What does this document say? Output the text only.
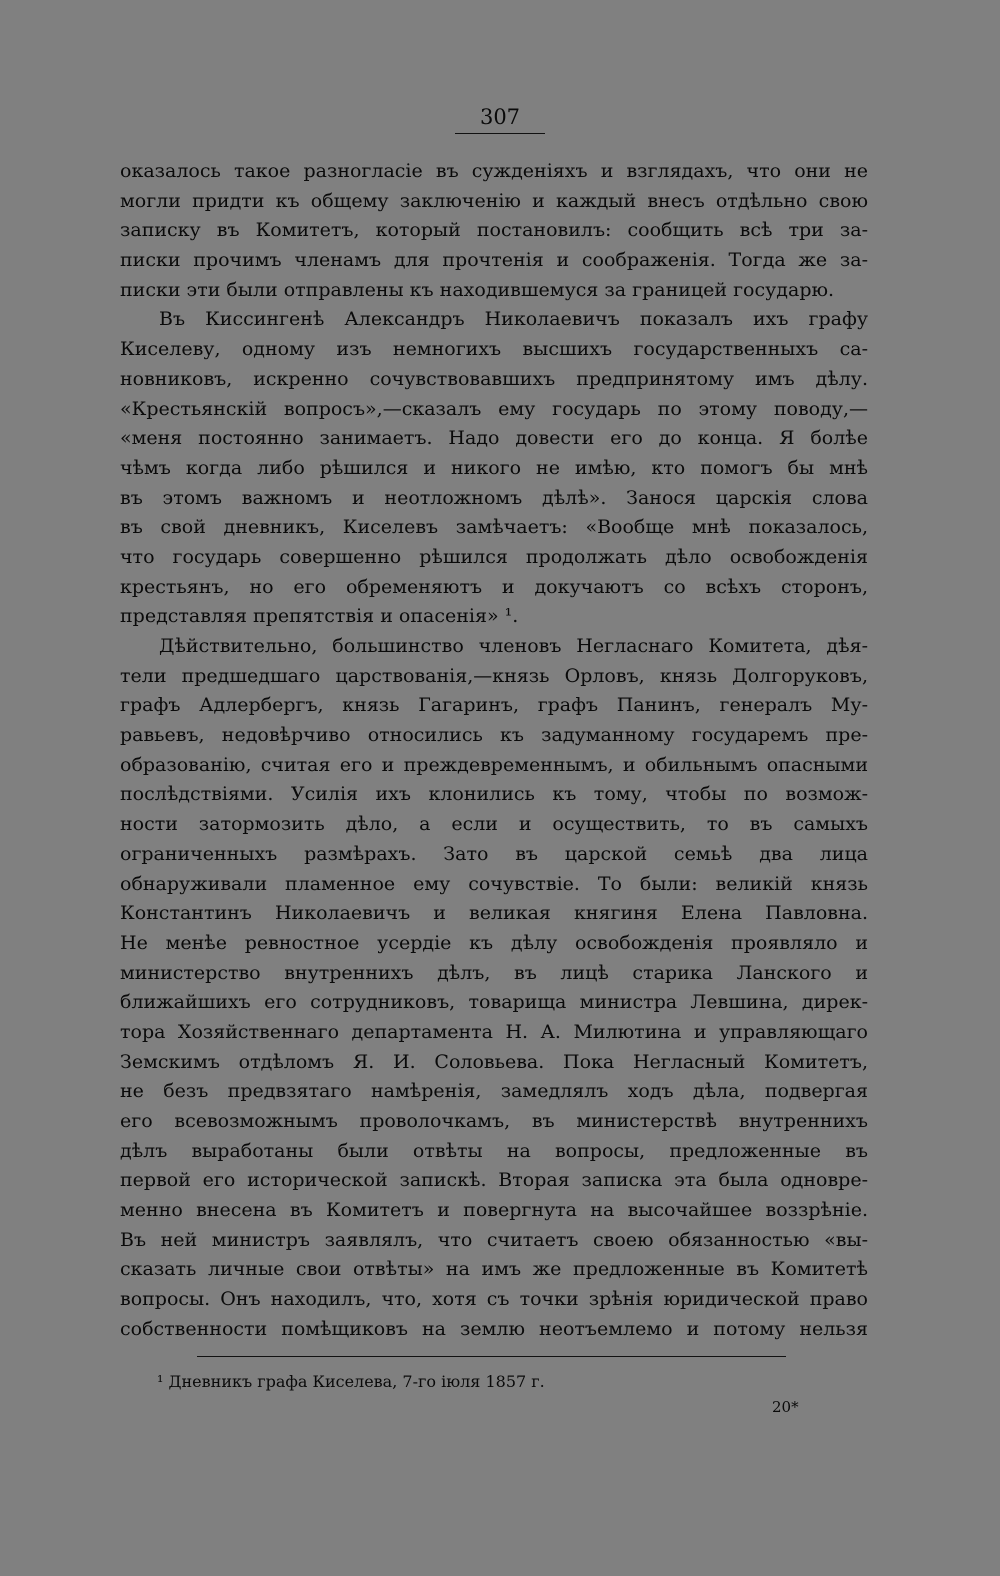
307
оказалось такое разногласіе въ сужденіяхъ и взглядахъ, что они не
могли придти къ общему заключенію и каждый внесъ отдѣльно свою
записку въ Комитетъ, который постановилъ: сообщить всѣ три за-
писки прочимъ членамъ для прочтенія и соображенія. Тогда же за-
писки эти были отправлены къ находившемуся за границей государю.
Въ Киссингенѣ Александръ Николаевичъ показалъ ихъ графу
Киселеву, одному изъ немногихъ высшихъ государственныхъ са-
новниковъ, искренно сочувствовавшихъ предпринятому имъ дѣлу.
«Крестьянскій вопросъ»,—сказалъ ему государь по этому поводу,—
«меня постоянно занимаетъ. Надо довести его до конца. Я болѣе
чѣмъ когда либо рѣшился и никого не имѣю, кто помогъ бы мнѣ
въ этомъ важномъ и неотложномъ дѣлѣ». Занося царскія слова
въ свой дневникъ, Киселевъ замѣчаетъ: «Вообще мнѣ показалось,
что государь совершенно рѣшился продолжать дѣло освобожденія
крестьянъ, но его обременяютъ и докучаютъ со всѣхъ сторонъ,
представляя препятствія и опасенія» ¹.
Дѣйствительно, большинство членовъ Негласнаго Комитета, дѣя-
тели предшедшаго царствованія,—князь Орловъ, князь Долгоруковъ,
графъ Адлербергъ, князь Гагаринъ, графъ Панинъ, генералъ Му-
равьевъ, недовѣрчиво относились къ задуманному государемъ пре-
образованію, считая его и преждевременнымъ, и обильнымъ опасными
послѣдствіями. Усилія ихъ клонились къ тому, чтобы по возмож-
ности затормозить дѣло, а если и осуществить, то въ самыхъ
ограниченныхъ размѣрахъ. Зато въ царской семьѣ два лица
обнаруживали пламенное ему сочувствіе. То были: великій князь
Константинъ Николаевичъ и великая княгиня Елена Павловна.
Не менѣе ревностное усердіе къ дѣлу освобожденія проявляло и
министерство внутреннихъ дѣлъ, въ лицѣ старика Ланского и
ближайшихъ его сотрудниковъ, товарища министра Левшина, дирек-
тора Хозяйственнаго департамента Н. А. Милютина и управляющаго
Земскимъ отдѣломъ Я. И. Соловьева. Пока Негласный Комитетъ,
не безъ предвзятаго намѣренія, замедлялъ ходъ дѣла, подвергая
его всевозможнымъ проволочкамъ, въ министерствѣ внутреннихъ
дѣлъ выработаны были отвѣты на вопросы, предложенные въ
первой его исторической запискѣ. Вторая записка эта была одновре-
менно внесена въ Комитетъ и повергнута на высочайшее воззрѣніе.
Въ ней министръ заявлялъ, что считаетъ своею обязанностью «вы-
сказать личные свои отвѣты» на имъ же предложенные въ Комитетѣ
вопросы. Онъ находилъ, что, хотя съ точки зрѣнія юридической право
собственности помѣщиковъ на землю неотъемлемо и потому нельзя
¹ Дневникъ графа Киселева, 7-го іюля 1857 г.
20*
